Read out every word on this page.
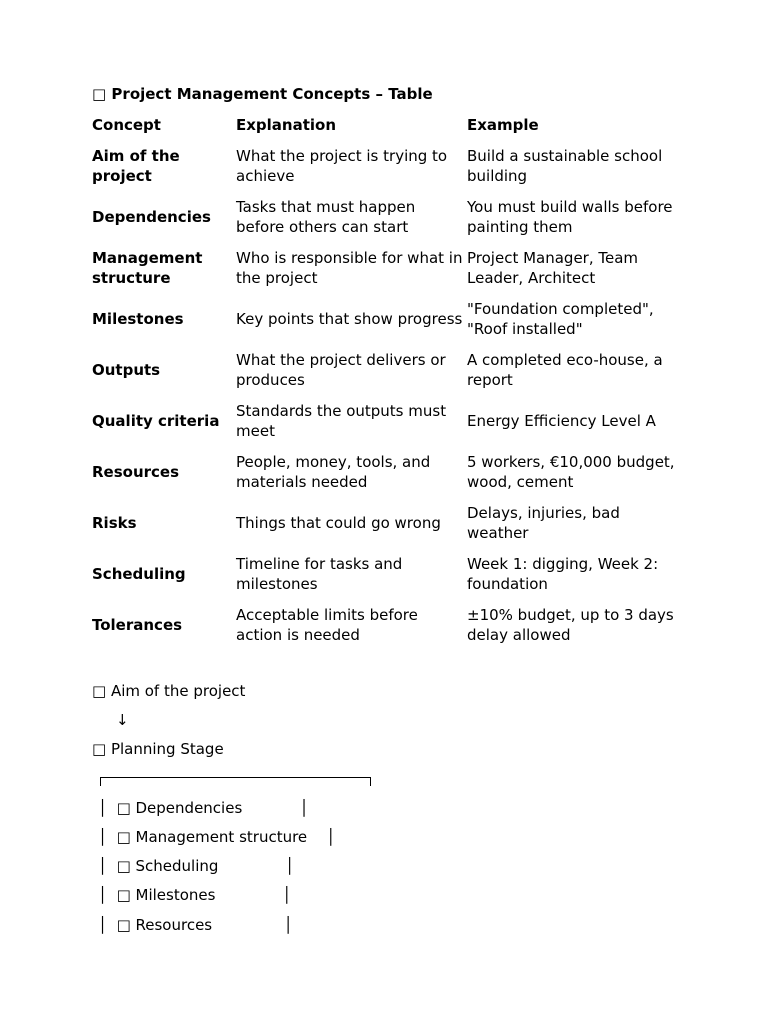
□ Project Management Concepts – Table
Concept	Explanation	Example
Aim of the project	What the project is trying to achieve	Build a sustainable school building
Dependencies	Tasks that must happen before others can start	You must build walls before painting them
Management structure	Who is responsible for what in the project	Project Manager, Team Leader, Architect
Milestones	Key points that show progress	"Foundation completed", "Roof installed"
Outputs	What the project delivers or produces	A completed eco-house, a report
Quality criteria	Standards the outputs must meet	Energy Efficiency Level A
Resources	People, money, tools, and materials needed	5 workers, €10,000 budget, wood, cement
Risks	Things that could go wrong	Delays, injuries, bad weather
Scheduling	Timeline for tasks and milestones	Week 1: digging, Week 2: foundation
Tolerances	Acceptable limits before action is needed	±10% budget, up to 3 days delay allowed
□ Aim of the project
↓
□ Planning Stage
│  □ Dependencies            │
│  □ Management structure    │
│  □ Scheduling              │
│  □ Milestones              │
│  □ Resources               │
